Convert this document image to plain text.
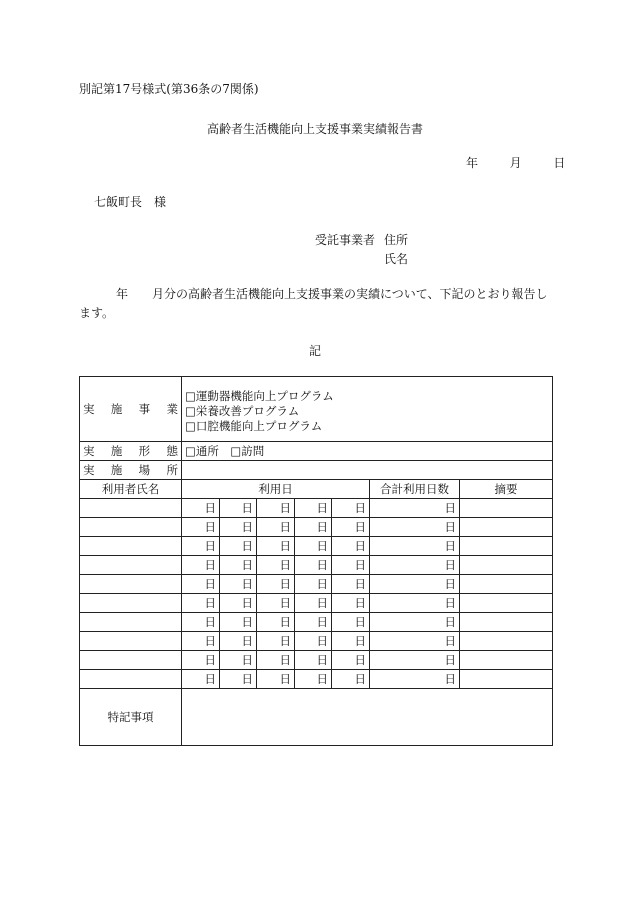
別記第17号様式(第36条の7関係)
高齢者生活機能向上支援事業実績報告書
年	月	日
七飯町長　様
受託事業者 住所
氏名
年　　月分の高齢者生活機能向上支援事業の実績について、下記のとおり報告します。
記
実施事業	□運動器機能向上プログラム
□栄養改善プログラム
□口腔機能向上プログラム						

実施形態	□通所　□訪問						
実施場所							
利用者氏名	利用日					合計利用日数	摘要
	日	日	日	日	日	日	
	日	日	日	日	日	日	
	日	日	日	日	日	日	
	日	日	日	日	日	日	
	日	日	日	日	日	日	
	日	日	日	日	日	日	
	日	日	日	日	日	日	
	日	日	日	日	日	日	
	日	日	日	日	日	日	
	日	日	日	日	日	日	
特記事項							
